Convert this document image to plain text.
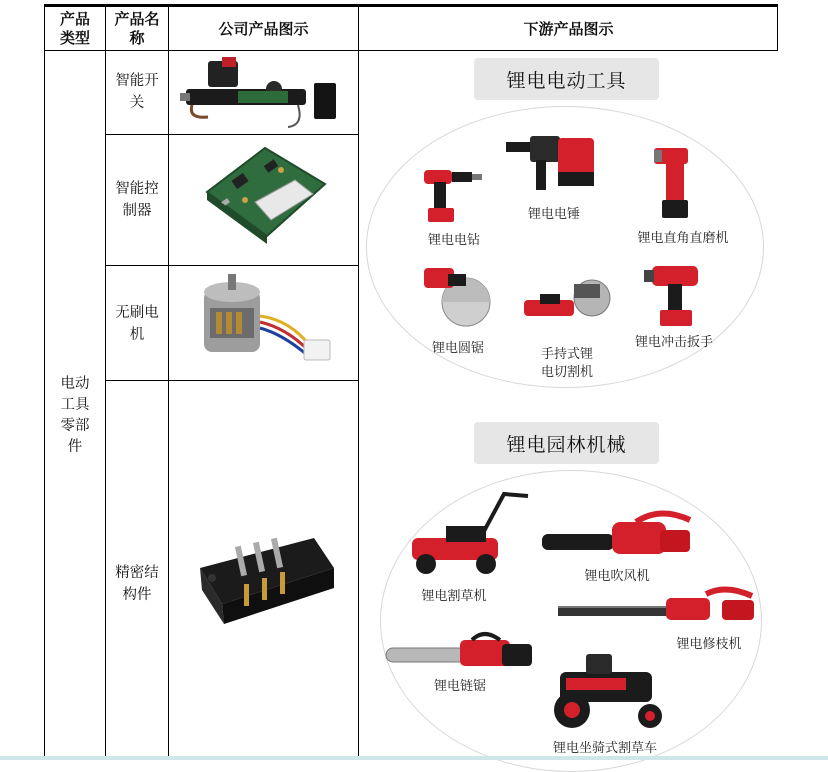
产品
类型
产品名
称
公司产品图示	下游产品图示
电动
工具
零部
件
智能开
关
智能控
制器
无刷电
机
精密结
构件
锂电电动工具
锂电电钻
锂电电锤
锂电直角直磨机
锂电圆锯	手持式锂
电切割机
锂电冲击扳手
锂电园林机械
锂电割草机
锂电吹风机
锂电修枝机
锂电链锯
锂电坐骑式割草车
